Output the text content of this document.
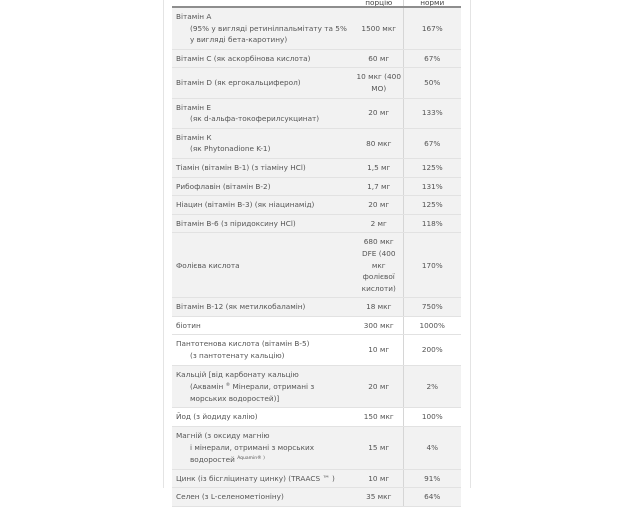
	порцію	норми
Вітамін А
(95% у вигляді ретинілпальмітату та 5% у вигляді бета-каротину)	1500 мкг	167%
Вітамін С (як аскорбінова кислота)	60 мг	67%
Вітамін D (як ергокальциферол)	10 мкг (400 МО)	50%
Вітамін Е
(як d-альфа-токоферилсукцинат)	20 мг	133%
Вітамін К
(як Phytonadione K-1)	80 мкг	67%
Тіамін (вітамін B-1) (з тіаміну HCl)	1,5 мг	125%
Рибофлавін (вітамін B-2)	1,7 мг	131%
Ніацин (вітамін B-3) (як ніацинамід)	20 мг	125%
Вітамін B-6 (з піридоксину HCl)	2 мг	118%
Фолієва кислота	680 мкг DFE (400 мкг фолієвої кислоти)	170%
Вітамін B-12 (як метилкобаламін)	18 мкг	750%
біотин	300 мкг	1000%
Пантотенова кислота (вітамін B-5)
(з пантотенату кальцію)	10 мг	200%
Кальцій [від карбонату кальцію
(Аквамін ® Мінерали, отримані з морських водоростей)]	20 мг	2%
Йод (з йодиду калію)	150 мкг	100%
Магній (з оксиду магнію
і мінерали, отримані з морських водоростей $^{Aquamin® )}$	15 мг	4%
Цинк (із бісгліцинату цинку) (TRAACS ™ )	10 мг	91%
Селен (з L-селенометіоніну)	35 мкг	64%
